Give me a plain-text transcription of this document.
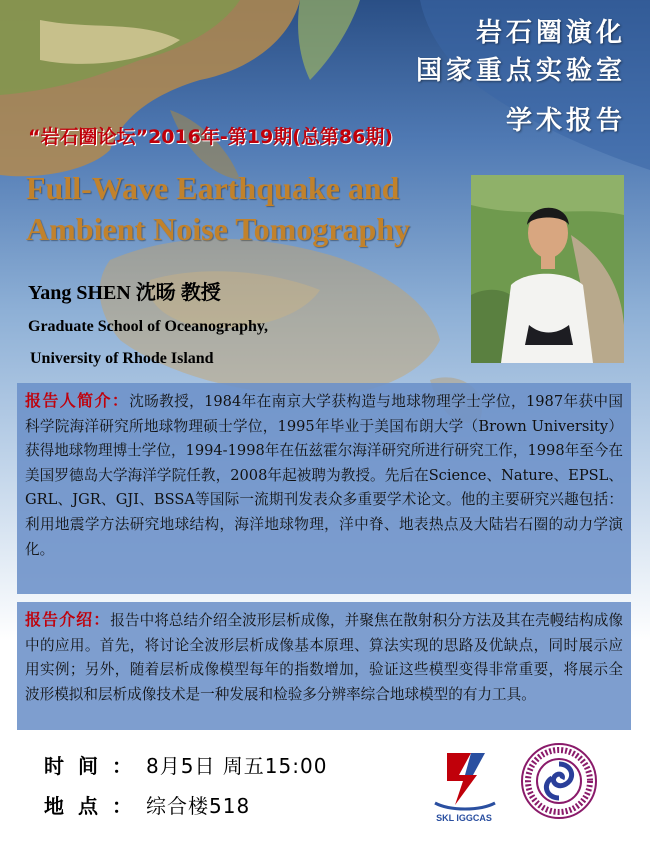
岩石圈演化
国家重点实验室
学术报告
“岩石圈论坛”2016年-第19期(总第86期)
Full-Wave Earthquake and
Ambient Noise Tomography
Yang SHEN 沈旸 教授
Graduate School of Oceanography,
University of Rhode Island
报告人简介：沈旸教授，1984年在南京大学获构造与地球物理学士学位，1987年获中国科学院海洋研究所地球物理硕士学位，1995年毕业于美国布朗大学（Brown University）获得地球物理博士学位，1994-1998年在伍兹霍尔海洋研究所进行研究工作，1998年至今在美国罗德岛大学海洋学院任教，2008年起被聘为教授。先后在Science、Nature、EPSL、GRL、JGR、GJI、BSSA等国际一流期刊发表众多重要学术论文。他的主要研究兴趣包括：利用地震学方法研究地球结构，海洋地球物理，洋中脊、地表热点及大陆岩石圈的动力学演化。
报告介绍：报告中将总结介绍全波形层析成像，并聚焦在散射积分方法及其在壳幔结构成像中的应用。首先，将讨论全波形层析成像基本原理、算法实现的思路及优缺点，同时展示应用实例；另外，随着层析成像模型每年的指数增加，验证这些模型变得非常重要，将展示全波形模拟和层析成像技术是一种发展和检验多分辨率综合地球模型的有力工具。
时间：8月5日 周五15:00
地点：综合楼518	SKL IGGCAS
